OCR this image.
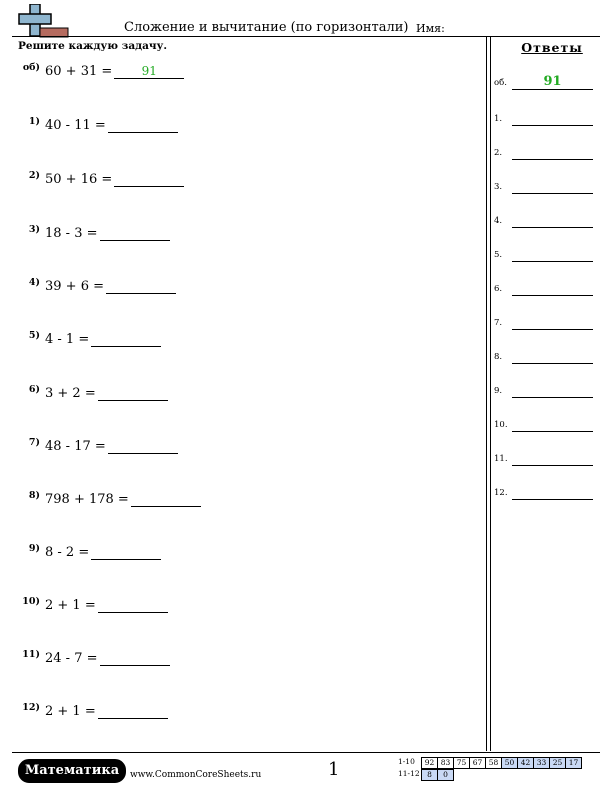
Сложение и вычитание (по горизонтали) Имя:
Решите каждую задачу.
об) 60 + 31 = 91
1) 40 - 11 =
2) 50 + 16 =
3) 18 - 3 =
4) 39 + 6 =
5) 4 - 1 =
6) 3 + 2 =
7) 48 - 17 =
8) 798 + 178 =
9) 8 - 2 =
10) 2 + 1 =
11) 24 - 7 =
12) 2 + 1 =
Ответы
об.	91
1.
2.
3.
4.
5.
6.
7.
8.
9.
10.
11.
12.
Математика	www.CommonCoreSheets.ru	1	1-10 92 83 75 67 58 50 42 33 25 17
11-12 8 0
